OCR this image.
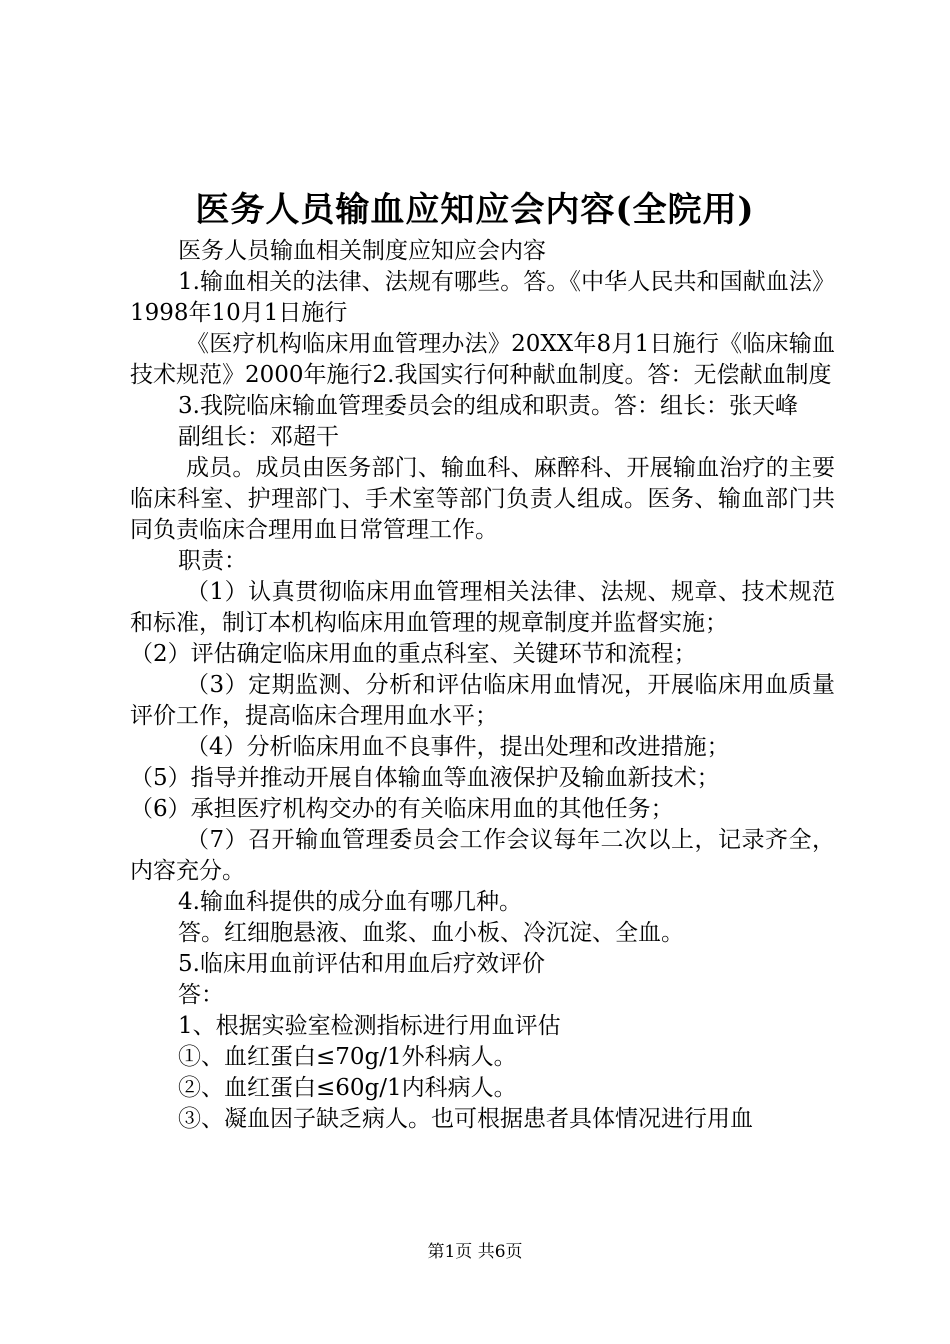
医务人员输血应知应会内容(全院用)

医务人员输血相关制度应知应会内容

1.输血相关的法律、法规有哪些。答。《中华人民共和国献血法》1998年10月1日施行

《医疗机构临床用血管理办法》20XX年8月1日施行《临床输血技术规范》2000年施行2.我国实行何种献血制度。答：无偿献血制度

3.我院临床输血管理委员会的组成和职责。答：组长：张天峰

副组长：邓超干

成员。成员由医务部门、输血科、麻醉科、开展输血治疗的主要临床科室、护理部门、手术室等部门负责人组成。医务、输血部门共同负责临床合理用血日常管理工作。

职责：

（1）认真贯彻临床用血管理相关法律、法规、规章、技术规范和标准，制订本机构临床用血管理的规章制度并监督实施；

（2）评估确定临床用血的重点科室、关键环节和流程；

（3）定期监测、分析和评估临床用血情况，开展临床用血质量评价工作，提高临床合理用血水平；

（4）分析临床用血不良事件，提出处理和改进措施；

（5）指导并推动开展自体输血等血液保护及输血新技术；

（6）承担医疗机构交办的有关临床用血的其他任务；

（7）召开输血管理委员会工作会议每年二次以上，记录齐全，内容充分。

4.输血科提供的成分血有哪几种。

答。红细胞悬液、血浆、血小板、冷沉淀、全血。

5.临床用血前评估和用血后疗效评价

答：

1、根据实验室检测指标进行用血评估

①、血红蛋白≤70g/1外科病人。

②、血红蛋白≤60g/1内科病人。

③、凝血因子缺乏病人。也可根据患者具体情况进行用血

第1页 共6页
